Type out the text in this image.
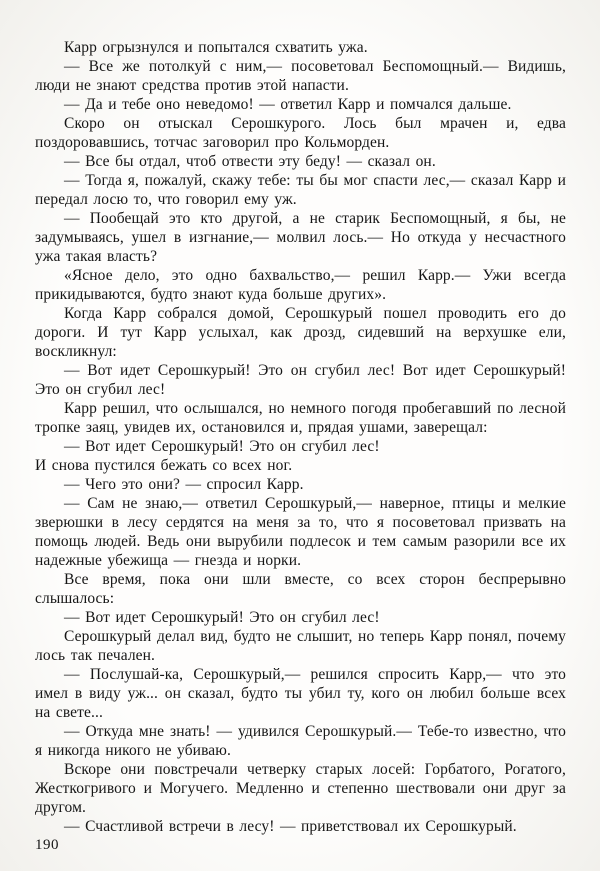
Карр огрызнулся и попытался схватить ужа.

— Все же потолкуй с ним,— посоветовал Беспомощный.— Видишь, люди не знают средства против этой напасти.

— Да и тебе оно неведомо! — ответил Карр и помчался дальше.

Скоро он отыскал Серошкурого. Лось был мрачен и, едва поздоровавшись, тотчас заговорил про Кольморден.

— Все бы отдал, чтоб отвести эту беду! — сказал он.

— Тогда я, пожалуй, скажу тебе: ты бы мог спасти лес,— сказал Карр и передал лосю то, что говорил ему уж.

— Пообещай это кто другой, а не старик Беспомощный, я бы, не задумываясь, ушел в изгнание,— молвил лось.— Но откуда у несчастного ужа такая власть?

«Ясное дело, это одно бахвальство,— решил Карр.— Ужи всегда прикидываются, будто знают куда больше других».

Когда Карр собрался домой, Серошкурый пошел проводить его до дороги. И тут Карр услыхал, как дрозд, сидевший на верхушке ели, воскликнул:

— Вот идет Серошкурый! Это он сгубил лес! Вот идет Серошкурый! Это он сгубил лес!

Карр решил, что ослышался, но немного погодя пробегавший по лесной тропке заяц, увидев их, остановился и, прядая ушами, заверещал:

— Вот идет Серошкурый! Это он сгубил лес!

И снова пустился бежать со всех ног.

— Чего это они? — спросил Карр.

— Сам не знаю,— ответил Серошкурый,— наверное, птицы и мелкие зверюшки в лесу сердятся на меня за то, что я посоветовал призвать на помощь людей. Ведь они вырубили подлесок и тем самым разорили все их надежные убежища — гнезда и норки.

Все время, пока они шли вместе, со всех сторон беспрерывно слышалось:

— Вот идет Серошкурый! Это он сгубил лес!

Серошкурый делал вид, будто не слышит, но теперь Карр понял, почему лось так печален.

— Послушай-ка, Серошкурый,— решился спросить Карр,— что это имел в виду уж... он сказал, будто ты убил ту, кого он любил больше всех на свете...

— Откуда мне знать! — удивился Серошкурый.— Тебе-то известно, что я никогда никого не убиваю.

Вскоре они повстречали четверку старых лосей: Горбатого, Рогатого, Жесткогривого и Могучего. Медленно и степенно шествовали они друг за другом.

— Счастливой встречи в лесу! — приветствовал их Серошкурый.

190
